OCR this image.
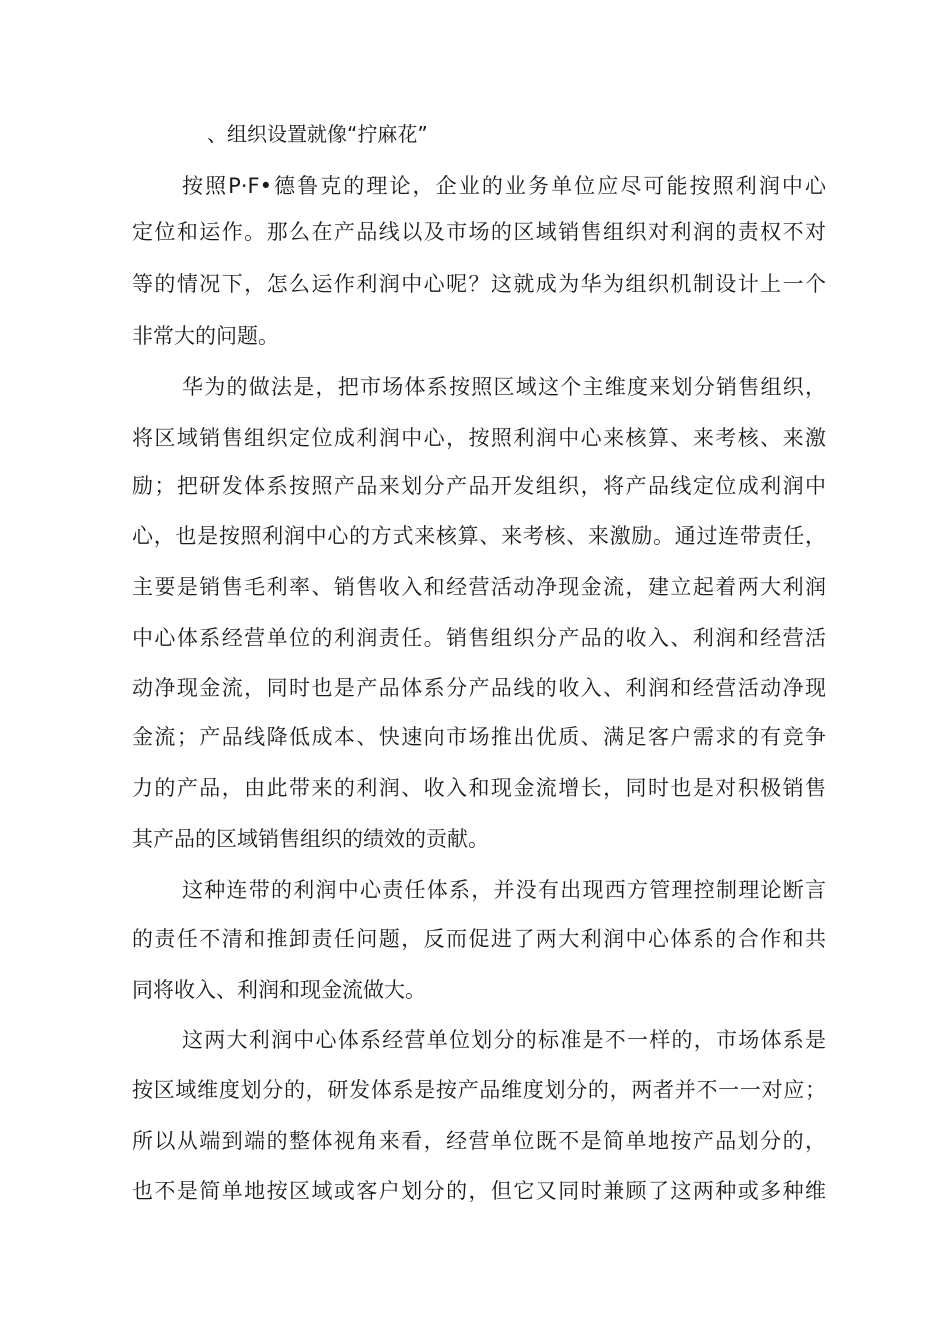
、组织设置就像“拧麻花”

按照P·F•德鲁克的理论，企业的业务单位应尽可能按照利润中心

定位和运作。那么在产品线以及市场的区域销售组织对利润的责权不对

等的情况下，怎么运作利润中心呢？这就成为华为组织机制设计上一个

非常大的问题。

华为的做法是，把市场体系按照区域这个主维度来划分销售组织，

将区域销售组织定位成利润中心，按照利润中心来核算、来考核、来激

励；把研发体系按照产品来划分产品开发组织，将产品线定位成利润中

心，也是按照利润中心的方式来核算、来考核、来激励。通过连带责任，

主要是销售毛利率、销售收入和经营活动净现金流，建立起着两大利润

中心体系经营单位的利润责任。销售组织分产品的收入、利润和经营活

动净现金流，同时也是产品体系分产品线的收入、利润和经营活动净现

金流；产品线降低成本、快速向市场推出优质、满足客户需求的有竞争

力的产品，由此带来的利润、收入和现金流增长，同时也是对积极销售

其产品的区域销售组织的绩效的贡献。

这种连带的利润中心责任体系，并没有出现西方管理控制理论断言

的责任不清和推卸责任问题，反而促进了两大利润中心体系的合作和共

同将收入、利润和现金流做大。

这两大利润中心体系经营单位划分的标准是不一样的，市场体系是

按区域维度划分的，研发体系是按产品维度划分的，两者并不一一对应；

所以从端到端的整体视角来看，经营单位既不是简单地按产品划分的，

也不是简单地按区域或客户划分的，但它又同时兼顾了这两种或多种维
